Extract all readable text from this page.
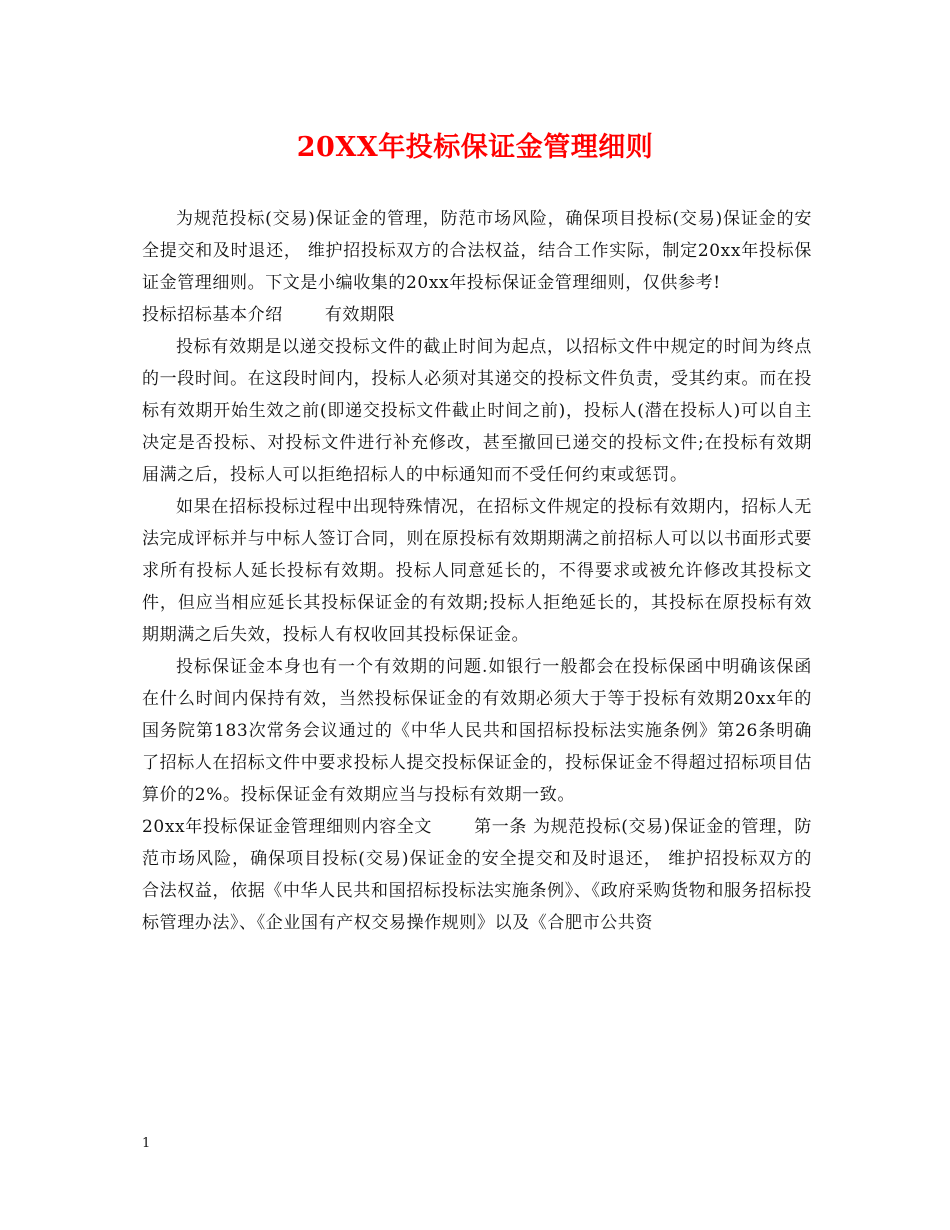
20XX年投标保证金管理细则

为规范投标(交易)保证金的管理，防范市场风险，确保项目投标(交易)保证金的安全提交和及时退还， 维护招投标双方的合法权益，结合工作实际，制定20xx年投标保证金管理细则。下文是小编收集的20xx年投标保证金管理细则，仅供参考!

投标招标基本介绍 有效期限

投标有效期是以递交投标文件的截止时间为起点，以招标文件中规定的时间为终点的一段时间。在这段时间内，投标人必须对其递交的投标文件负责，受其约束。而在投标有效期开始生效之前(即递交投标文件截止时间之前)，投标人(潜在投标人)可以自主决定是否投标、对投标文件进行补充修改，甚至撤回已递交的投标文件;在投标有效期届满之后，投标人可以拒绝招标人的中标通知而不受任何约束或惩罚。

如果在招标投标过程中出现特殊情况，在招标文件规定的投标有效期内，招标人无法完成评标并与中标人签订合同，则在原投标有效期期满之前招标人可以以书面形式要求所有投标人延长投标有效期。投标人同意延长的，不得要求或被允许修改其投标文件，但应当相应延长其投标保证金的有效期;投标人拒绝延长的，其投标在原投标有效期期满之后失效，投标人有权收回其投标保证金。

投标保证金本身也有一个有效期的问题.如银行一般都会在投标保函中明确该保函在什么时间内保持有效，当然投标保证金的有效期必须大于等于投标有效期20xx年的国务院第183次常务会议通过的《中华人民共和国招标投标法实施条例》第26条明确了招标人在招标文件中要求投标人提交投标保证金的，投标保证金不得超过招标项目估算价的2%。投标保证金有效期应当与投标有效期一致。

20xx年投标保证金管理细则内容全文 第一条 为规范投标(交易)保证金的管理，防范市场风险，确保项目投标(交易)保证金的安全提交和及时退还， 维护招投标双方的合法权益，依据《中华人民共和国招标投标法实施条例》、《政府采购货物和服务招标投标管理办法》、《企业国有产权交易操作规则》以及《合肥市公共资

1
